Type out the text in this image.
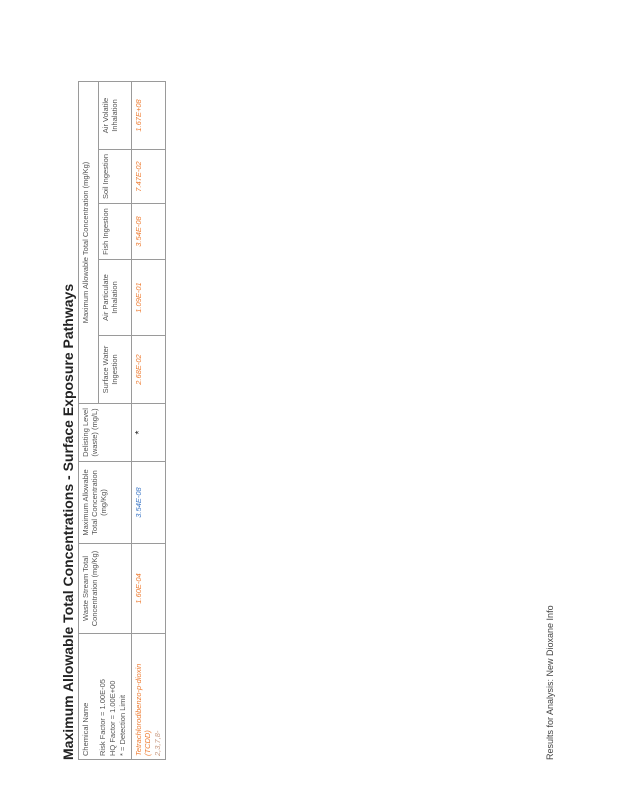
Maximum Allowable Total Concentrations - Surface Exposure Pathways Chemical Name Risk Factor = 1.00E-05 HQ Factor = 1.00E+00 * = Detection Limit	Waste Stream Total Concentration (mg/Kg)	Maximum Allowable Total Concentration (mg/Kg)	Delisting Level (waste) (mg/L)	Maximum Allowable Total Concentration (mg/Kg)				
				Surface Water Ingestion	Air Particulate Inhalation	Fish Ingestion	Soil Ingestion	Air Volatile Inhalation

Tetrachlorodibenzo-p-dioxin (TCDD) 2,3,7,8-	1.60E-04	3.54E-08	*	2.68E-02	1.09E-01	3.54E-08	7.47E-02	1.67E+08
Results for Analysis: New Dioxane Info
